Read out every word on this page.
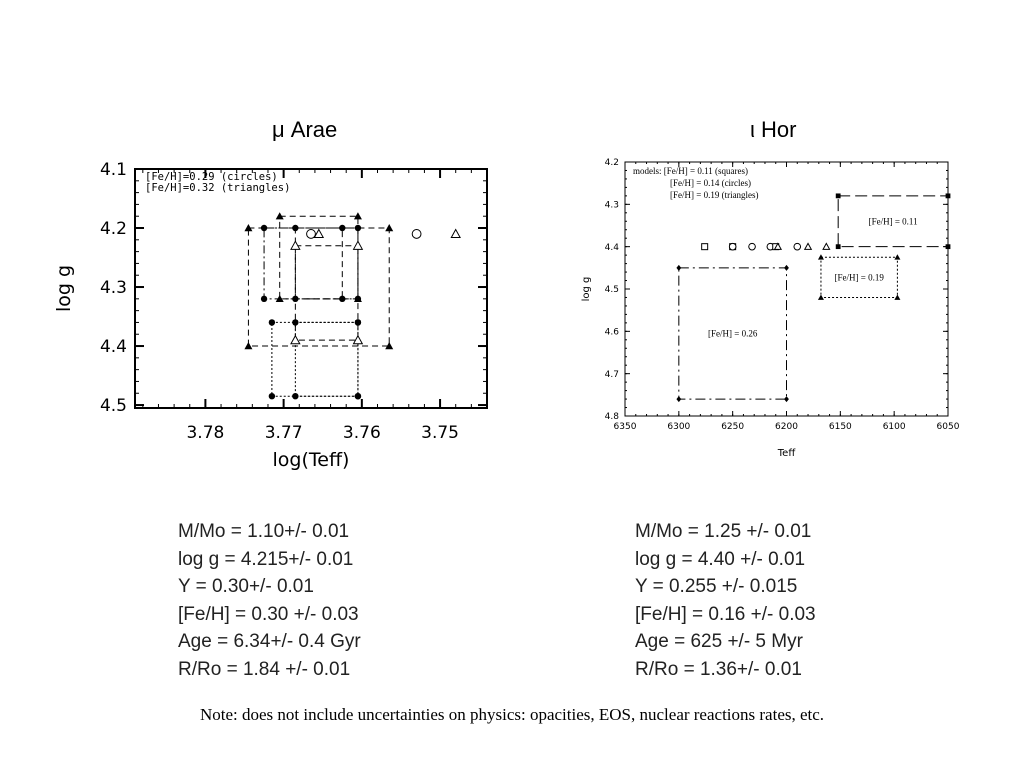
μ Arae	ι Hor
3.78 3.77 3.76 3.75
4.1
4.2
4.3
4.4
4.5
log(Teff)
log g
[Fe/H]=0.29 (circles)
[Fe/H]=0.32 (triangles)
6350	6300	6250	6200	6150	6100	6050
4.2
4.3
4.4
4.5
4.6
4.7
4.8
Teff
log g
models: [Fe/H] = 0.11 (squares)
[Fe/H] = 0.14 (circles)
[Fe/H] = 0.19 (triangles)
[Fe/H] = 0.11
[Fe/H] = 0.19
[Fe/H] = 0.26
M/Mo = 1.10+/- 0.01
log g = 4.215+/- 0.01
Y = 0.30+/- 0.01
[Fe/H] = 0.30 +/- 0.03
Age = 6.34+/- 0.4 Gyr
R/Ro = 1.84 +/- 0.01
M/Mo = 1.25 +/- 0.01
log g = 4.40 +/- 0.01
Y = 0.255 +/- 0.015
[Fe/H] = 0.16 +/- 0.03
Age = 625 +/- 5 Myr
R/Ro = 1.36+/- 0.01
Note: does not include uncertainties on physics: opacities, EOS, nuclear reactions rates, etc.
